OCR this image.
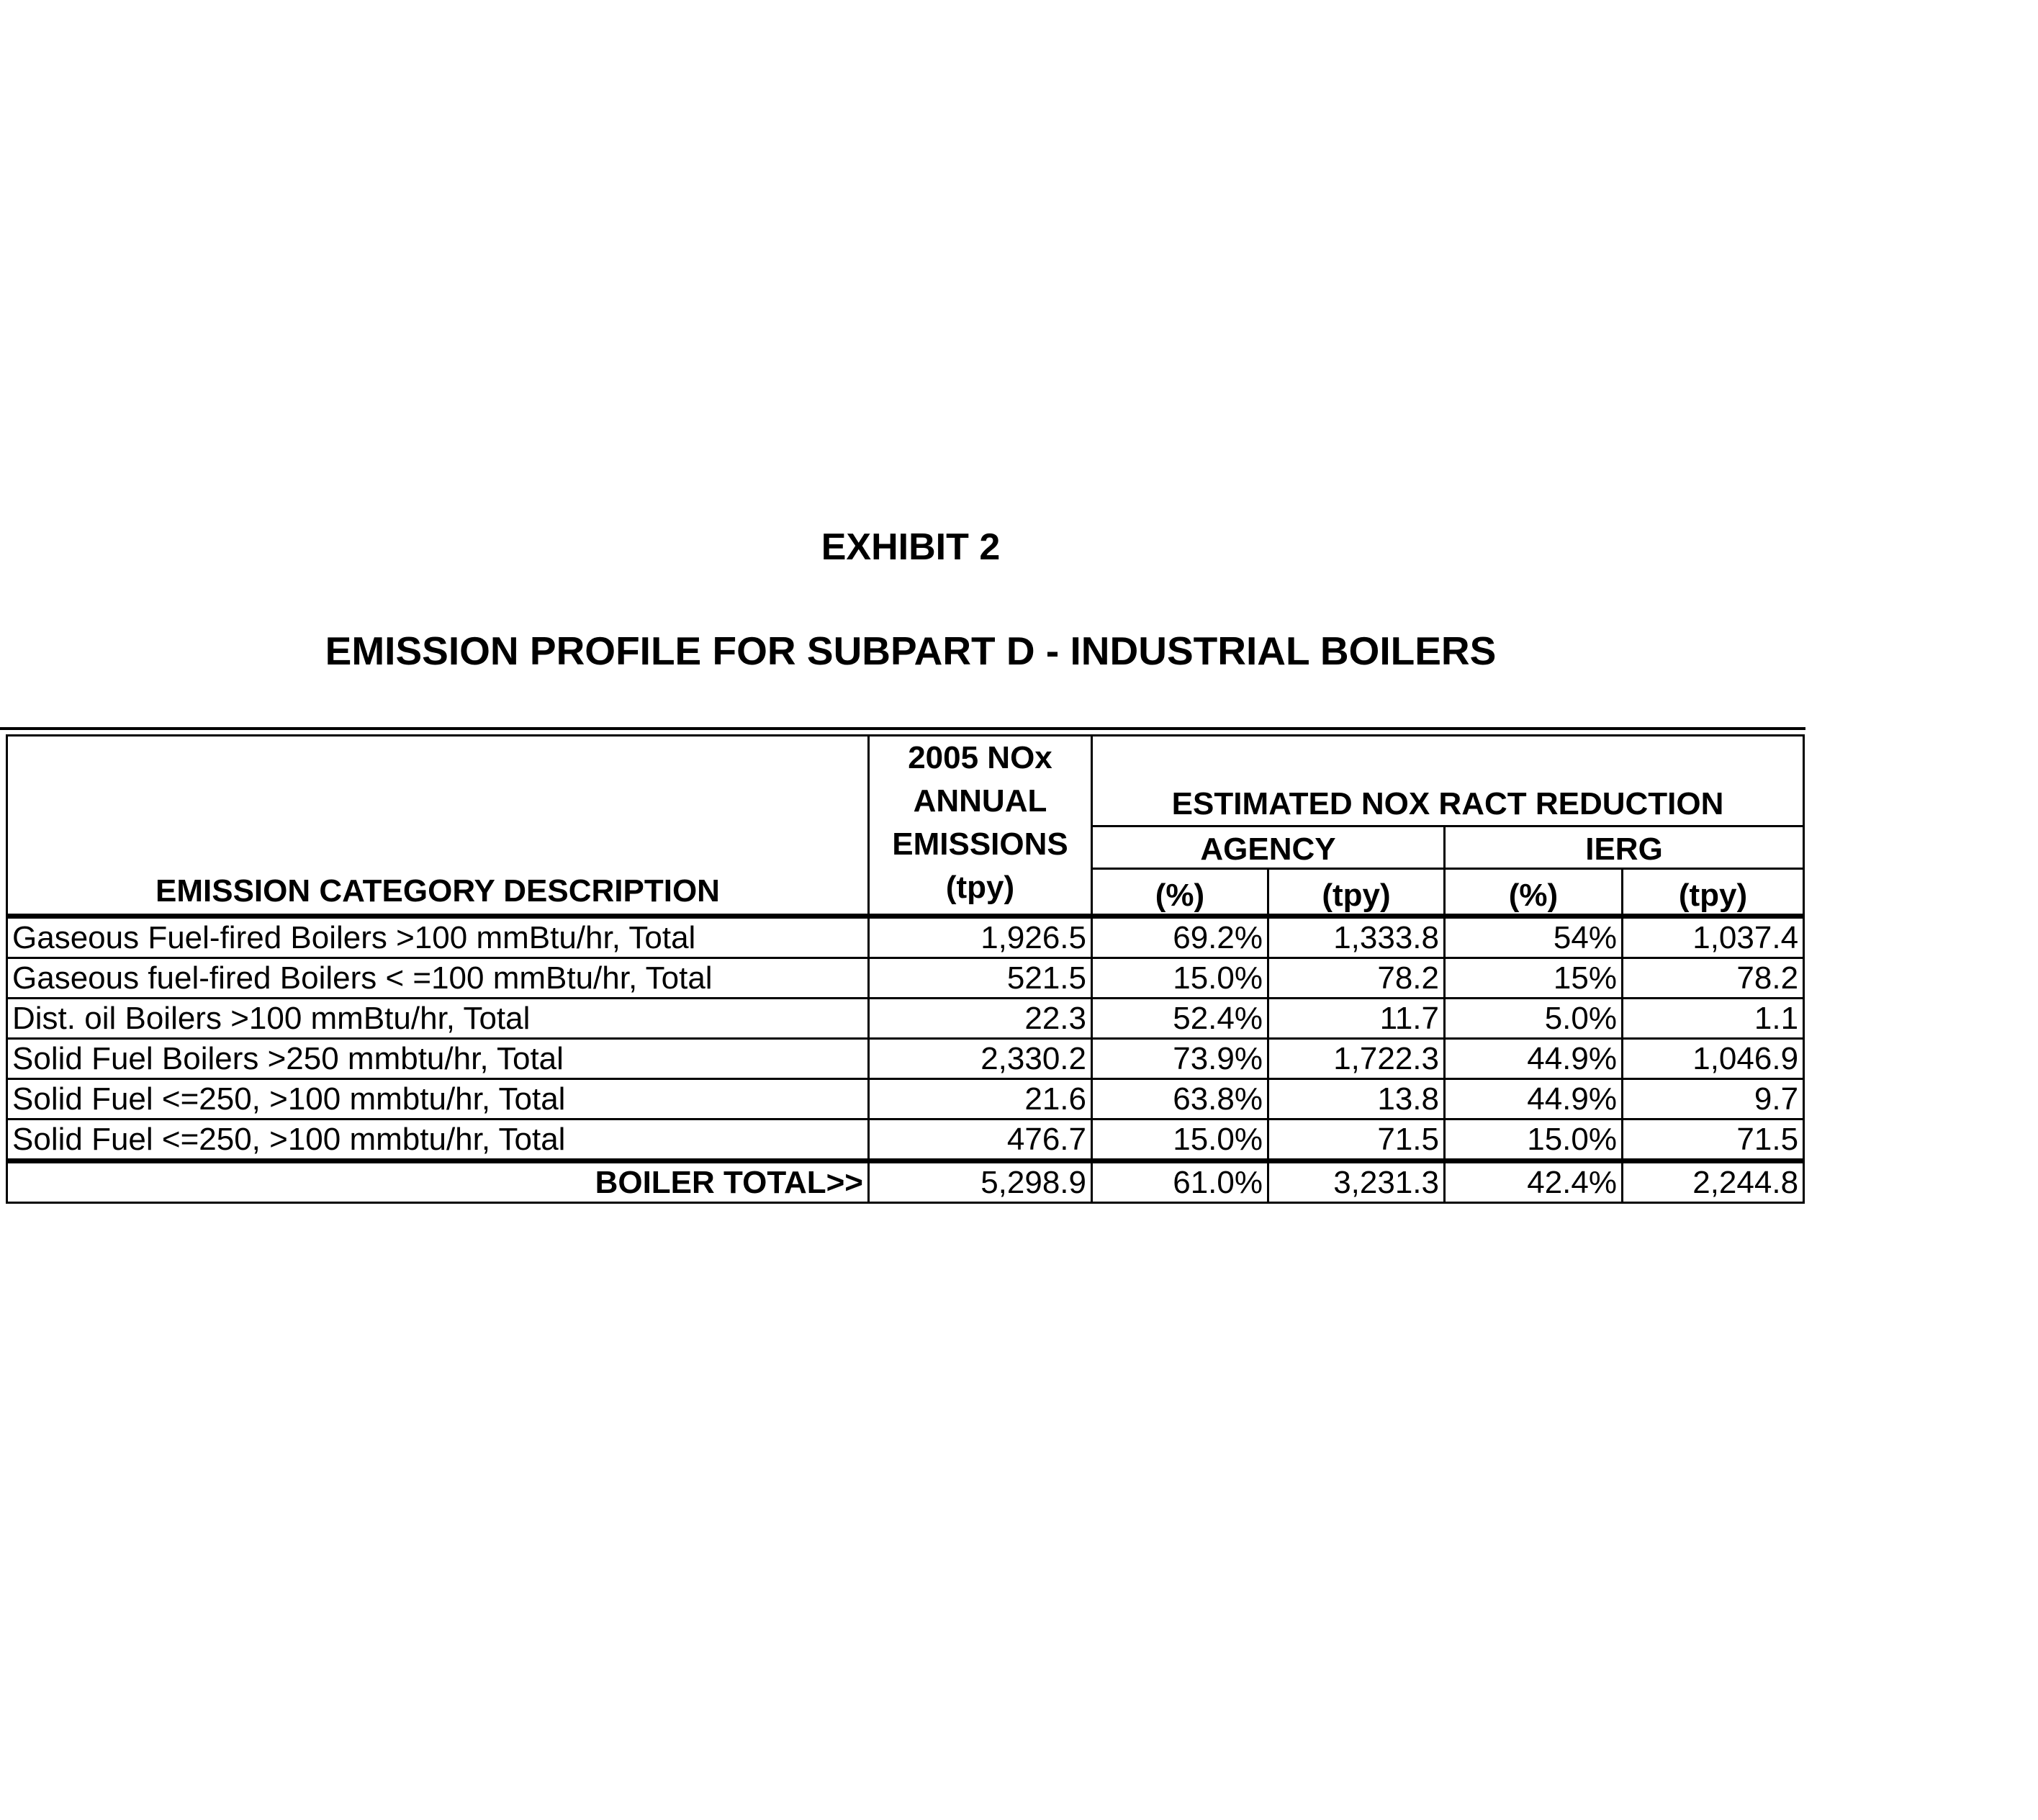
EXHIBIT 2
EMISSION PROFILE FOR SUBPART D - INDUSTRIAL BOILERS
EMISSION CATEGORY DESCRIPTION	2005 NOx
ANNUAL
EMISSIONS
(tpy)	ESTIMATED NOX RACT REDUCTION			
		AGENCY		IERG	
		(%)	(tpy)	(%)	(tpy)
Gaseous Fuel-fired Boilers >100 mmBtu/hr, Total	1,926.5	69.2%	1,333.8	54%	1,037.4
Gaseous fuel-fired Boilers < =100 mmBtu/hr, Total	521.5	15.0%	78.2	15%	78.2
Dist. oil Boilers >100 mmBtu/hr, Total	22.3	52.4%	11.7	5.0%	1.1
Solid Fuel Boilers >250 mmbtu/hr, Total	2,330.2	73.9%	1,722.3	44.9%	1,046.9
Solid Fuel <=250, >100 mmbtu/hr, Total	21.6	63.8%	13.8	44.9%	9.7
Solid Fuel <=250, >100 mmbtu/hr, Total	476.7	15.0%	71.5	15.0%	71.5
BOILER TOTAL>>	5,298.9	61.0%	3,231.3	42.4%	2,244.8
